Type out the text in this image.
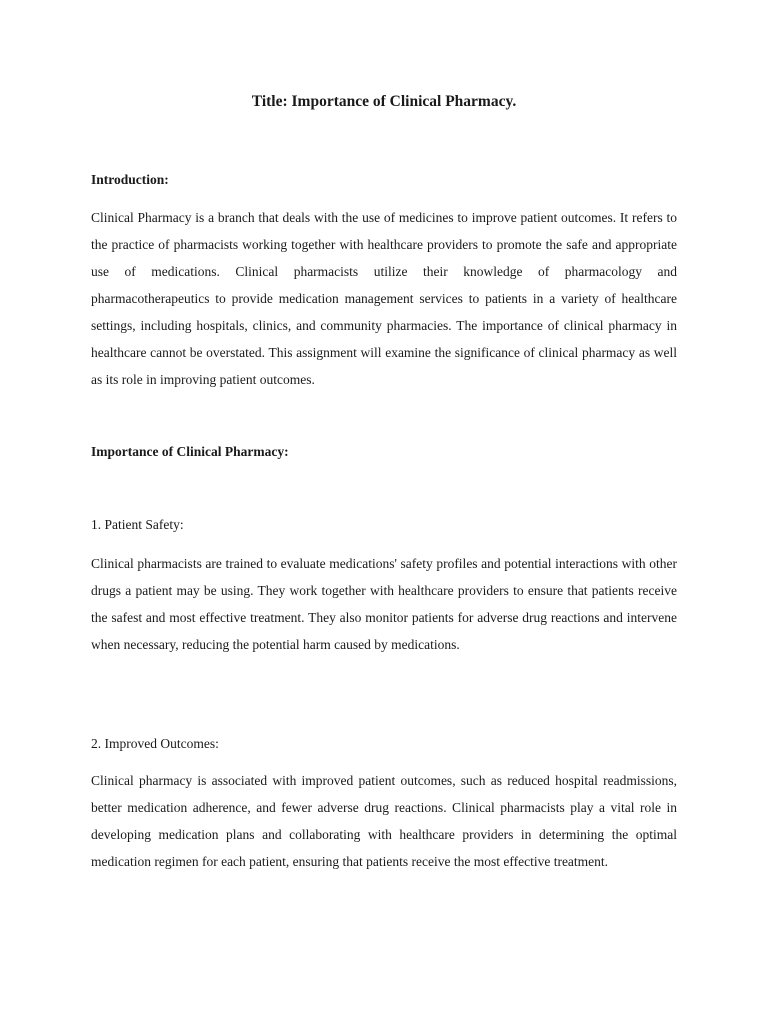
Title: Importance of Clinical Pharmacy.
Introduction:

Clinical Pharmacy is a branch that deals with the use of medicines to improve patient outcomes. It refers to the practice of pharmacists working together with healthcare providers to promote the safe and appropriate use of medications. Clinical pharmacists utilize their knowledge of pharmacology and pharmacotherapeutics to provide medication management services to patients in a variety of healthcare settings, including hospitals, clinics, and community pharmacies. The importance of clinical pharmacy in healthcare cannot be overstated. This assignment will examine the significance of clinical pharmacy as well as its role in improving patient outcomes.

Importance of Clinical Pharmacy:
1. Patient Safety:

Clinical pharmacists are trained to evaluate medications' safety profiles and potential interactions with other drugs a patient may be using. They work together with healthcare providers to ensure that patients receive the safest and most effective treatment. They also monitor patients for adverse drug reactions and intervene when necessary, reducing the potential harm caused by medications.

2. Improved Outcomes:

Clinical pharmacy is associated with improved patient outcomes, such as reduced hospital readmissions, better medication adherence, and fewer adverse drug reactions. Clinical pharmacists play a vital role in developing medication plans and collaborating with healthcare providers in determining the optimal medication regimen for each patient, ensuring that patients receive the most effective treatment.
